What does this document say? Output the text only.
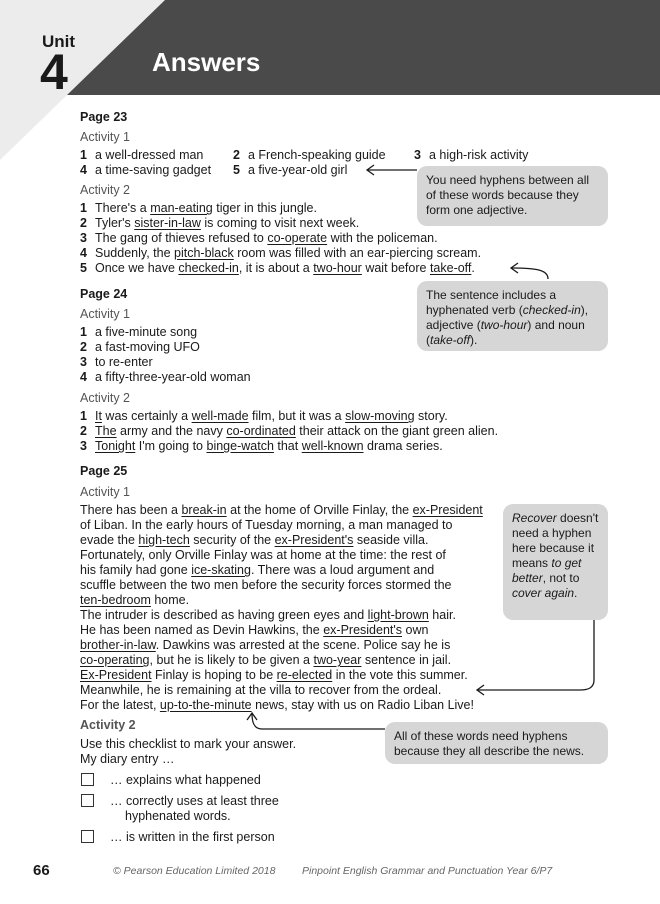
Unit
4	Answers
Page 23
Activity 1
1 a well-dressed man 2 a French-speaking guide 3 a high-risk activity
4 a time-saving gadget 5 a five-year-old girl
Activity 2
1 There's a man-eating tiger in this jungle.
2 Tyler's sister-in-law is coming to visit next week.
3 The gang of thieves refused to co-operate with the policeman.
4 Suddenly, the pitch-black room was filled with an ear-piercing scream.
5 Once we have checked-in, it is about a two-hour wait before take-off.
You need hyphens between all of these words because they form one adjective.
The sentence includes a hyphenated verb (checked-in), adjective (two-hour) and noun (take-off).
Page 24
Activity 1
1 a five-minute song
2 a fast-moving UFO
3 to re-enter
4 a fifty-three-year-old woman
Activity 2
1 It was certainly a well-made film, but it was a slow-moving story.
2 The army and the navy co-ordinated their attack on the giant green alien.
3 Tonight I'm going to binge-watch that well-known drama series.
Page 25
Activity 1
There has been a break-in at the home of Orville Finlay, the ex-President
of Liban. In the early hours of Tuesday morning, a man managed to
evade the high-tech security of the ex-President's seaside villa.
Fortunately, only Orville Finlay was at home at the time: the rest of
his family had gone ice-skating. There was a loud argument and
scuffle between the two men before the security forces stormed the
ten-bedroom home.
The intruder is described as having green eyes and light-brown hair.
He has been named as Devin Hawkins, the ex-President's own
brother-in-law. Dawkins was arrested at the scene. Police say he is
co-operating, but he is likely to be given a two-year sentence in jail.
Ex-President Finlay is hoping to be re-elected in the vote this summer.
Meanwhile, he is remaining at the villa to recover from the ordeal.
For the latest, up-to-the-minute news, stay with us on Radio Liban Live!
Recover doesn't need a hyphen here because it means to get better, not to cover again.
All of these words need hyphens because they all describe the news.
Activity 2
Use this checklist to mark your answer.
My diary entry …
… explains what happened
… correctly uses at least three
hyphenated words.
… is written in the first person
66	© Pearson Education Limited 2018	Pinpoint English Grammar and Punctuation Year 6/P7
